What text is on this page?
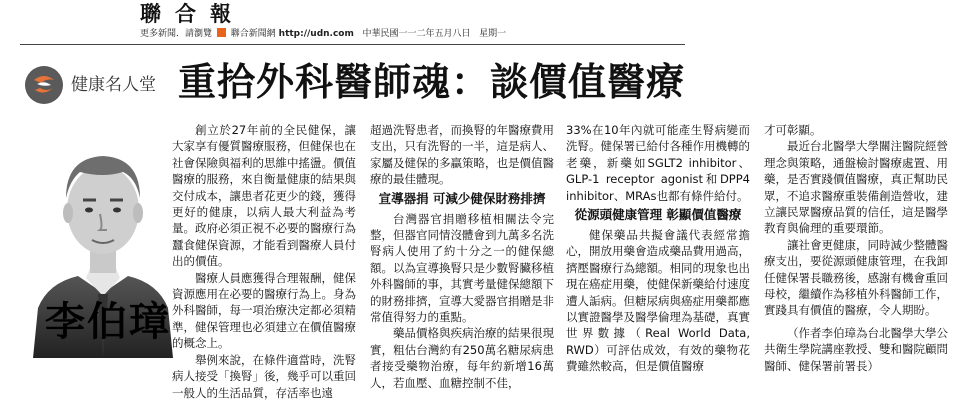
聯合報
更多新聞．請瀏覽 聯合新聞網 http://udn.com 中華民國一一二年五月八日 星期一
健康名人堂 重拾外科醫師魂：談價值醫療
李伯璋

創立於27年前的全民健保，讓大家享有優質醫療服務，但健保也在社會保險與福利的思維中搖盪。價值醫療的服務，來自衡量健康的結果與交付成本，讓患者花更少的錢，獲得更好的健康，以病人最大利益為考量。政府必須正視不必要的醫療行為蠶食健保資源，才能看到醫療人員付出的價值。

醫療人員應獲得合理報酬，健保資源應用在必要的醫療行為上。身為外科醫師，每一項治療決定都必須精準，健保管理也必須建立在價值醫療的概念上。

舉例來說，在條件適當時，洗腎病人接受「換腎」後，幾乎可以重回一般人的生活品質，存活率也遠

超過洗腎患者，而換腎的年醫療費用支出，只有洗腎的一半，這是病人、家屬及健保的多贏策略，也是價值醫療的最佳體現。

宣導器捐 可減少健保財務排擠

台灣器官捐贈移植相關法令完整，但器官同情沒體會到九萬多名洗腎病人使用了約十分之一的健保總額。以為宣導換腎只是少數腎臟移植外科醫師的事，其實考量健保總額下的財務排擠，宣導大愛器官捐贈是非常值得努力的重點。

藥品價格與疾病治療的結果很現實，粗估台灣約有250萬名糖尿病患者接受藥物治療，每年約新增16萬人，若血壓、血糖控制不佳，

33%在10年內就可能產生腎病變而洗腎。健保署已給付各種作用機轉的老藥，新藥如SGLT2 inhibitor、GLP-1 receptor agonist和DPP4 inhibitor、MRAs也都有條件給付。

從源頭健康管理 彰顯價值醫療

健保藥品共擬會議代表經常擔心，開放用藥會造成藥品費用過高，擠壓醫療行為總額。相同的現象也出現在癌症用藥，使健保新藥給付速度遭人詬病。但糖尿病與癌症用藥都應以實證醫學及醫學倫理為基礎，真實世界數據（Real World Data, RWD）可評估成效，有效的藥物花費雖然較高，但是價值醫療

才可彰顯。

最近台北醫學大學關注醫院經營理念與策略，通盤檢討醫療處置、用藥，是否實踐價值醫療，真正幫助民眾，不追求醫療重裝備創造營收，建立讓民眾醫療品質的信任，這是醫學教育與倫理的重要環節。

讓社會更健康，同時減少整體醫療支出，要從源頭健康管理，在我卸任健保署長職務後，感謝有機會重回母校，繼續作為移植外科醫師工作，實踐具有價值的醫療，令人期盼。

（作者李伯璋為台北醫學大學公共衛生學院講座教授、雙和醫院顧問醫師、健保署前署長）
